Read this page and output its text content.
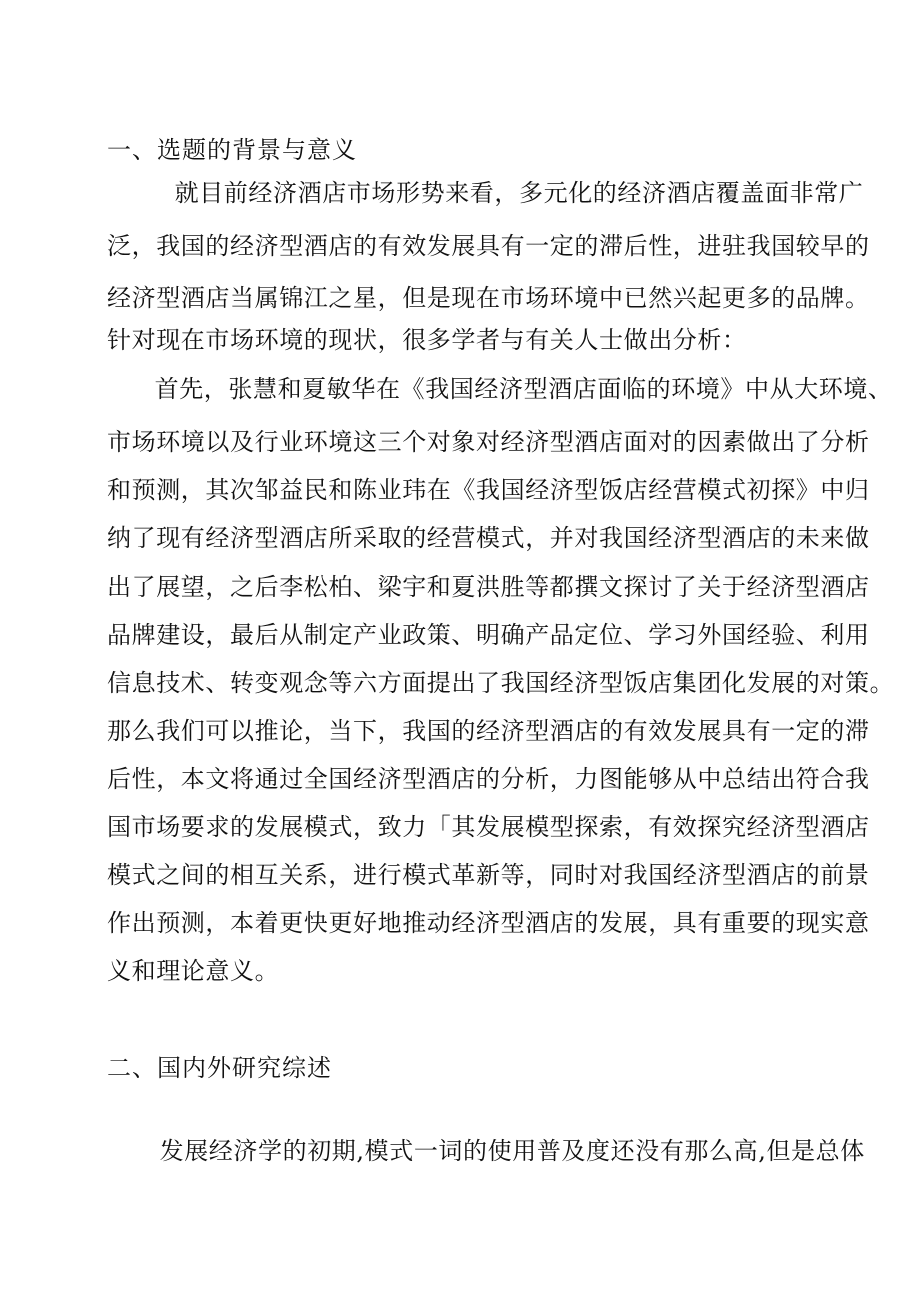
一、选题的背景与意义
　就目前经济酒店市场形势来看，多元化的经济酒店覆盖面非常广
泛，我国的经济型酒店的有效发展具有一定的滞后性，进驻我国较早的
经济型酒店当属锦江之星，但是现在市场环境中已然兴起更多的品牌。
针对现在市场环境的现状，很多学者与有关人士做出分析：
　首先，张慧和夏敏华在《我国经济型酒店面临的环境》中从大环境、
市场环境以及行业环境这三个对象对经济型酒店面对的因素做出了分析
和预测，其次邹益民和陈业玮在《我国经济型饭店经营模式初探》中归
纳了现有经济型酒店所采取的经营模式，并对我国经济型酒店的未来做
出了展望，之后李松柏、梁宇和夏洪胜等都撰文探讨了关于经济型酒店
品牌建设，最后从制定产业政策、明确产品定位、学习外国经验、利用
信息技术、转变观念等六方面提出了我国经济型饭店集团化发展的对策。
那么我们可以推论，当下，我国的经济型酒店的有效发展具有一定的滞
后性，本文将通过全国经济型酒店的分析，力图能够从中总结出符合我
国市场要求的发展模式，致力「其发展模型探索，有效探究经济型酒店
模式之间的相互关系，进行模式革新等，同时对我国经济型酒店的前景
作出预测，本着更快更好地推动经济型酒店的发展，具有重要的现实意
义和理论意义。
二、国内外研究综述
　发展经济学的初期,模式一词的使用普及度还没有那么高,但是总体
